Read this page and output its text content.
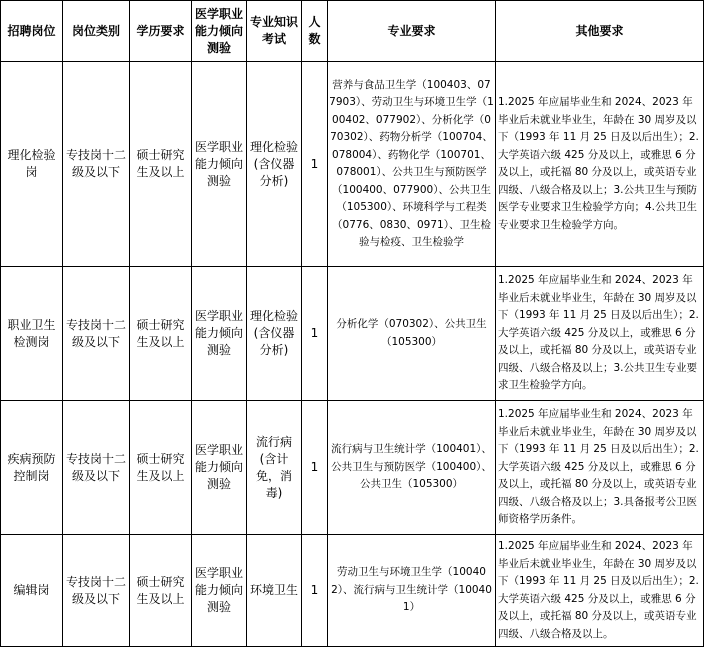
招聘岗位	岗位类别	学历要求	医学职业能力倾向测验	专业知识考试	人数	专业要求	其他要求
理化检验岗	专技岗十二级及以下	硕士研究生及以上	医学职业能力倾向测验	理化检验(含仪器分析)	1	营养与食品卫生学（100403、077903）、劳动卫生与环境卫生学（100402、077902）、分析化学（070302）、药物分析学（100704、078004）、药物化学（100701、078001）、公共卫生与预防医学（100400、077900）、公共卫生（105300）、环境科学与工程类（0776、0830、0971）、卫生检验与检疫、卫生检验学	1.2025 年应届毕业生和 2024、2023 年毕业后未就业毕业生，年龄在 30 周岁及以下（1993 年 11 月 25 日及以后出生）；2.大学英语六级 425 分及以上，或雅思 6 分及以上，或托福 80 分及以上，或英语专业四级、八级合格及以上；3.公共卫生与预防医学专业要求卫生检验学方向；4.公共卫生专业要求卫生检验学方向。
职业卫生检测岗	专技岗十二级及以下	硕士研究生及以上	医学职业能力倾向测验	理化检验(含仪器分析)	1	分析化学（070302）、公共卫生（105300）	1.2025 年应届毕业生和 2024、2023 年毕业后未就业毕业生，年龄在 30 周岁及以下（1993 年 11 月 25 日及以后出生）；2.大学英语六级 425 分及以上，或雅思 6 分及以上，或托福 80 分及以上，或英语专业四级、八级合格及以上；3.公共卫生专业要求卫生检验学方向。
疾病预防控制岗	专技岗十二级及以下	硕士研究生及以上	医学职业能力倾向测验	流行病(含计免，消毒)	1	流行病与卫生统计学（100401）、公共卫生与预防医学（100400）、公共卫生（105300）	1.2025 年应届毕业生和 2024、2023 年毕业后未就业毕业生，年龄在 30 周岁及以下（1993 年 11 月 25 日及以后出生）；2.大学英语六级 425 分及以上，或雅思 6 分及以上，或托福 80 分及以上，或英语专业四级、八级合格及以上；3.具备报考公卫医师资格学历条件。
编辑岗	专技岗十二级及以下	硕士研究生及以上	医学职业能力倾向测验	环境卫生	1	劳动卫生与环境卫生学（100402）、流行病与卫生统计学（100401）	1.2025 年应届毕业生和 2024、2023 年毕业后未就业毕业生，年龄在 30 周岁及以下（1993 年 11 月 25 日及以后出生）；2.大学英语六级 425 分及以上，或雅思 6 分及以上，或托福 80 分及以上，或英语专业四级、八级合格及以上。
